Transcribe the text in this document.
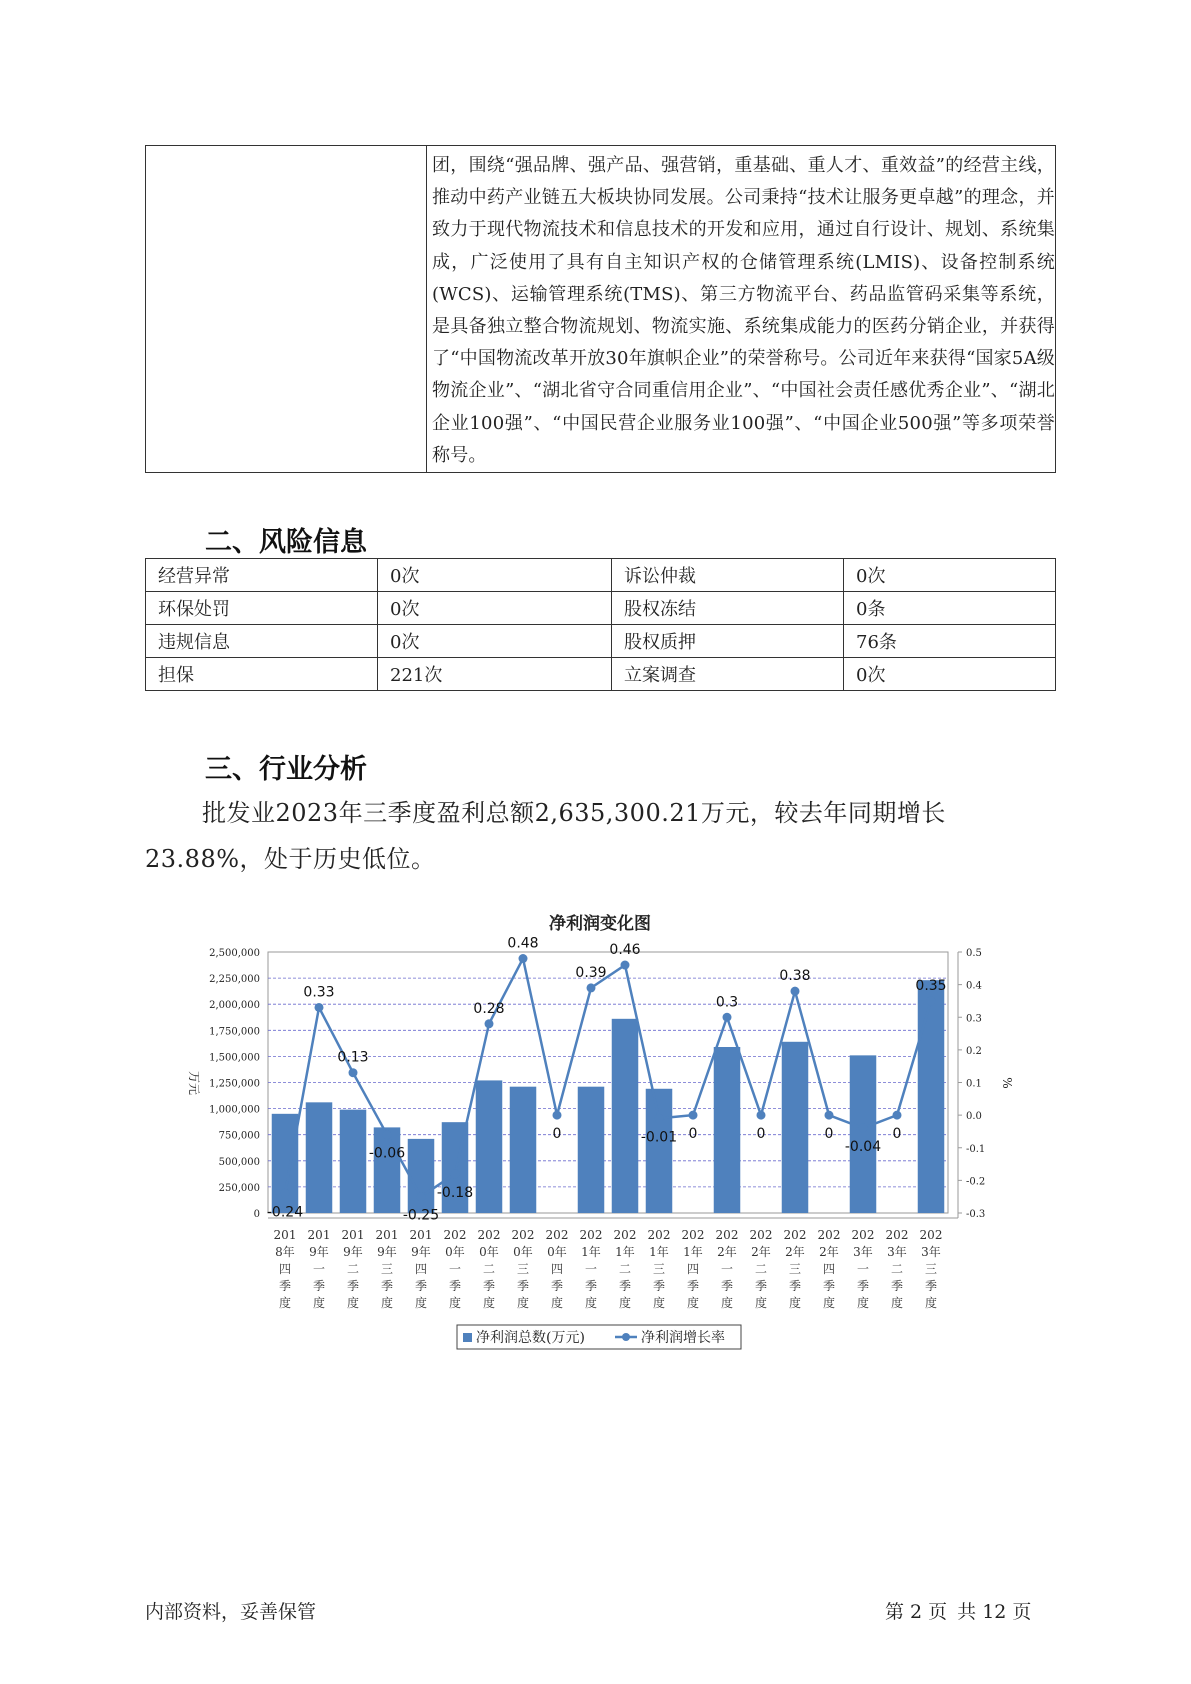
团，围绕“强品牌、强产品、强营销，重基础、重人才、重效益”的经营主线，推动中药产业链五大板块协同发展。公司秉持“技术让服务更卓越”的理念，并致力于现代物流技术和信息技术的开发和应用，通过自行设计、规划、系统集成，广泛使用了具有自主知识产权的仓储管理系统(LMIS)、设备控制系统(WCS)、运输管理系统(TMS)、第三方物流平台、药品监管码采集等系统，是具备独立整合物流规划、物流实施、系统集成能力的医药分销企业，并获得了“中国物流改革开放30年旗帜企业”的荣誉称号。公司近年来获得“国家5A级物流企业”、“湖北省守合同重信用企业”、“中国社会责任感优秀企业”、“湖北企业100强”、“中国民营企业服务业100强”、“中国企业500强”等多项荣誉称号。
二、风险信息
经营异常	0次	诉讼仲裁	0次
环保处罚	0次	股权冻结	0条
违规信息	0次	股权质押	76条
担保	221次	立案调查	0次
三、行业分析

批发业2023年三季度盈利总额2,635,300.21万元，较去年同期增长23.88%，处于历史低位。

净利润变化图
2,500,000
2,250,000
2,000,000
1,750,000
1,500,000
1,250,000
1,000,000
750,000
500,000
250,000
0
0.5
0.4
0.3
0.2
0.1
0.0
-0.1
-0.2
-0.3
万元	%
-0.24
0.33
0.13
-0.06
-0.25
-0.18
0.28
0.48
0
0.39
0.46
-0.01 0
0.3
0
0.38
0
-0.04
0
0.35
201 8年四季度
201 9年一季度
201 9年二季度
201 9年三季度
201 9年四季度
202 0年一季度
202 0年二季度
202 0年三季度
202 0年四季度
202 1年一季度
202 1年二季度
202 1年三季度
202 1年四季度
202 2年一季度
202 2年二季度
202 2年三季度
202 2年四季度
202 3年一季度
202 3年二季度
202 3年三季度
净利润总数(万元)	净利润增长率
内部资料，妥善保管	第 2 页 共 12 页
